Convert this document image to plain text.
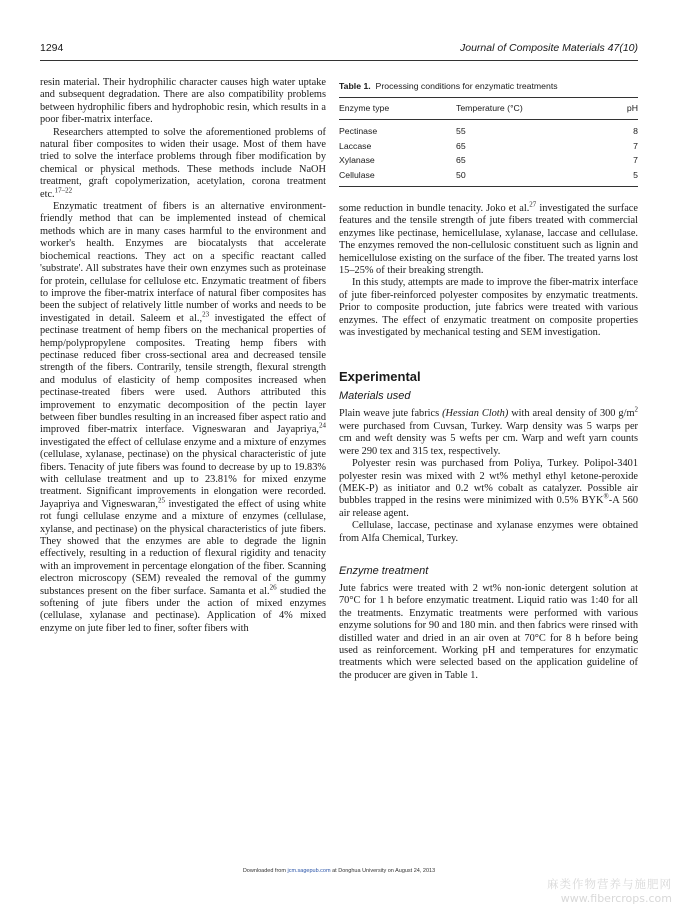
1294	Journal of Composite Materials 47(10)

resin material. Their hydrophilic character causes high water uptake and subsequent degradation. There are also compatibility problems between hydrophilic fibers and hydrophobic resin, which results in a poor fiber-matrix interface.

Researchers attempted to solve the aforementioned problems of natural fiber composites to widen their usage. Most of them have tried to solve the interface problems through fiber modification by chemical or physical methods. These methods include NaOH treatment, graft copolymerization, acetylation, corona treatment etc.$^{17-22}$

Enzymatic treatment of fibers is an alternative environment-friendly method that can be implemented instead of chemical methods which are in many cases harmful to the environment and worker's health. Enzymes are biocatalysts that accelerate biochemical reactions. They act on a specific reactant called 'substrate'. All substrates have their own enzymes such as proteinase for protein, cellulase for cellulose etc. Enzymatic treatment of fibers to improve the fiber-matrix interface of natural fiber composites has been the subject of relatively little number of works and needs to be investigated in detail. Saleem et al.,$^{23}$ investigated the effect of pectinase treatment of hemp fibers on the mechanical properties of hemp/polypropylene composites. Treating hemp fibers with pectinase reduced fiber cross-sectional area and decreased tensile strength of the fibers. Contrarily, tensile strength, flexural strength and modulus of elasticity of hemp composites increased when pectinase-treated fibers were used. Authors attributed this improvement to enzymatic decomposition of the pectin layer between fiber bundles resulting in an increased fiber aspect ratio and improved fiber-matrix interface. Vigneswaran and Jayapriya,$^{24}$ investigated the effect of cellulase enzyme and a mixture of enzymes (cellulase, xylanase, pectinase) on the physical characteristic of jute fibers. Tenacity of jute fibers was found to decrease by up to 19.83% with cellulase treatment and up to 23.81% for mixed enzyme treatment. Significant improvements in elongation were recorded. Jayapriya and Vigneswaran,$^{25}$ investigated the effect of using white rot fungi cellulase enzyme and a mixture of enzymes (cellulase, xylanse, and pectinase) on the physical characteristics of jute fibers. They showed that the enzymes are able to degrade the lignin effectively, resulting in a reduction of flexural rigidity and tenacity with an improvement in percentage elongation of the fiber. Scanning electron microscopy (SEM) revealed the removal of the gummy substances present on the fiber surface. Samanta et al.$^{26}$ studied the softening of jute fibers under the action of mixed enzymes (cellulase, xylanase and pectinase). Application of 4% mixed enzyme on jute fiber led to finer, softer fibers with

Table 1. Processing conditions for enzymatic treatments
Enzyme type	Temperature (°C)	pH
Pectinase	55	8
Laccase	65	7
Xylanase	65	7
Cellulase	50	5

some reduction in bundle tenacity. Joko et al.$^{27}$ investigated the surface features and the tensile strength of jute fibers treated with commercial enzymes like pectinase, hemicellulase, xylanase, laccase and cellulase. The enzymes removed the non-cellulosic constituent such as lignin and hemicellulose existing on the surface of the fiber. The treated yarns lost 15–25% of their breaking strength.

In this study, attempts are made to improve the fiber-matrix interface of jute fiber-reinforced polyester composites by enzymatic treatments. Prior to composite production, jute fabrics were treated with various enzymes. The effect of enzymatic treatment on composite properties was investigated by mechanical testing and SEM investigation.

Experimental
Materials used

Plain weave jute fabrics (Hessian Cloth) with areal density of 300 $g/m^2$ were purchased from Cuvsan, Turkey. Warp density was 5 warps per cm and weft density was 5 wefts per cm. Warp and weft yarn counts were 290 tex and 315 tex, respectively.

Polyester resin was purchased from Poliya, Turkey. Polipol-3401 polyester resin was mixed with 2 wt% methyl ethyl ketone-peroxide (MEK-P) as initiator and 0.2 wt% cobalt as catalyzer. Possible air bubbles trapped in the resins were minimized with 0.5% BYK®-A 560 air release agent.

Cellulase, laccase, pectinase and xylanase enzymes were obtained from Alfa Chemical, Turkey.

Enzyme treatment

Jute fabrics were treated with 2 wt% non-ionic detergent solution at 70°C for 1 h before enzymatic treatment. Liquid ratio was 1:40 for all the treatments. Enzymatic treatments were performed with various enzyme solutions for 90 and 180 min. and then fabrics were rinsed with distilled water and dried in an air oven at 70°C for 8 h before being used as reinforcement. Working pH and temperatures for enzymatic treatments which were selected based on the application guideline of the producer are given in Table 1.

Downloaded from jcm.sagepub.com at Donghua University on August 24, 2013
麻类作物营养与施肥网
www.fibercrops.com
